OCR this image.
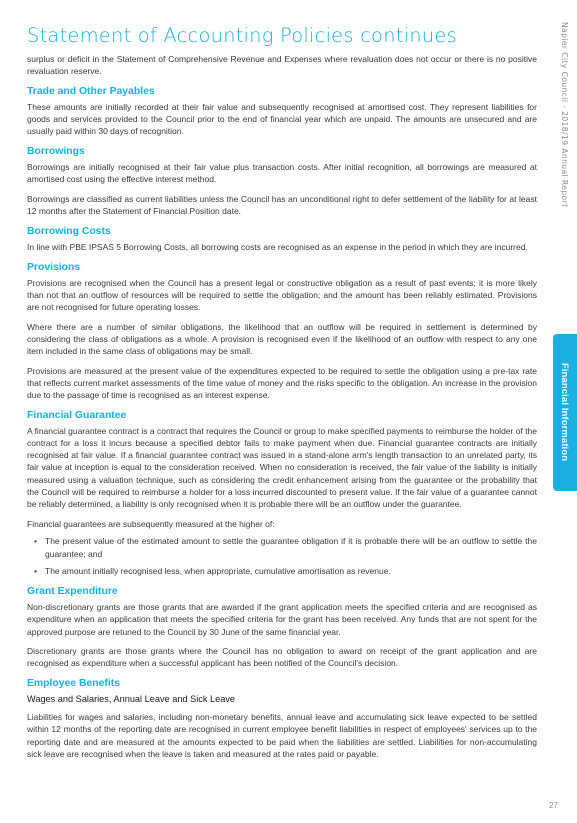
Statement of Accounting Policies continues	Napier City Council - 2018/19 Annual Report
Financial Information

surplus or deficit in the Statement of Comprehensive Revenue and Expenses where revaluation does not occur or there is no positive revaluation reserve.

Trade and Other Payables

These amounts are initially recorded at their fair value and subsequently recognised at amortised cost. They represent liabilities for goods and services provided to the Council prior to the end of financial year which are unpaid. The amounts are unsecured and are usually paid within 30 days of recognition.

Borrowings

Borrowings are initially recognised at their fair value plus transaction costs. After initial recognition, all borrowings are measured at amortised cost using the effective interest method.

Borrowings are classified as current liabilities unless the Council has an unconditional right to defer settlement of the liability for at least 12 months after the Statement of Financial Position date.

Borrowing Costs

In line with PBE IPSAS 5 Borrowing Costs, all borrowing costs are recognised as an expense in the period in which they are incurred.

Provisions

Provisions are recognised when the Council has a present legal or constructive obligation as a result of past events; it is more likely than not that an outflow of resources will be required to settle the obligation; and the amount has been reliably estimated. Provisions are not recognised for future operating losses.

Where there are a number of similar obligations, the likelihood that an outflow will be required in settlement is determined by considering the class of obligations as a whole. A provision is recognised even if the likelihood of an outflow with respect to any one item included in the same class of obligations may be small.

Provisions are measured at the present value of the expenditures expected to be required to settle the obligation using a pre-tax rate that reflects current market assessments of the time value of money and the risks specific to the obligation. An increase in the provision due to the passage of time is recognised as an interest expense.

Financial Guarantee

A financial guarantee contract is a contract that requires the Council or group to make specified payments to reimburse the holder of the contract for a loss it incurs because a specified debtor fails to make payment when due. Financial guarantee contracts are initially recognised at fair value. If a financial guarantee contract was issued in a stand-alone arm's length transaction to an unrelated party, its fair value at inception is equal to the consideration received. When no consideration is received, the fair value of the liability is initially measured using a valuation technique, such as considering the credit enhancement arising from the guarantee or the probability that the Council will be required to reimburse a holder for a loss incurred discounted to present value. If the fair value of a guarantee cannot be reliably determined, a liability is only recognised when it is probable there will be an outflow under the guarantee.

Financial guarantees are subsequently measured at the higher of:

• The present value of the estimated amount to settle the guarantee obligation if it is probable there will be an outflow to settle the guarantee; and
• The amount initially recognised less, when appropriate, cumulative amortisation as revenue.
Grant Expenditure

Non-discretionary grants are those grants that are awarded if the grant application meets the specified criteria and are recognised as expenditure when an application that meets the specified criteria for the grant has been received. Any funds that are not spent for the approved purpose are retuned to the Council by 30 June of the same financial year.

Discretionary grants are those grants where the Council has no obligation to award on receipt of the grant application and are recognised as expenditure when a successful applicant has been notified of the Council's decision.

Employee Benefits
Wages and Salaries, Annual Leave and Sick Leave

Liabilities for wages and salaries, including non-monetary benefits, annual leave and accumulating sick leave expected to be settled within 12 months of the reporting date are recognised in current employee benefit liabilities in respect of employees' services up to the reporting date and are measured at the amounts expected to be paid when the liabilities are settled. Liabilities for non-accumulating sick leave are recognised when the leave is taken and measured at the rates paid or payable.

27
